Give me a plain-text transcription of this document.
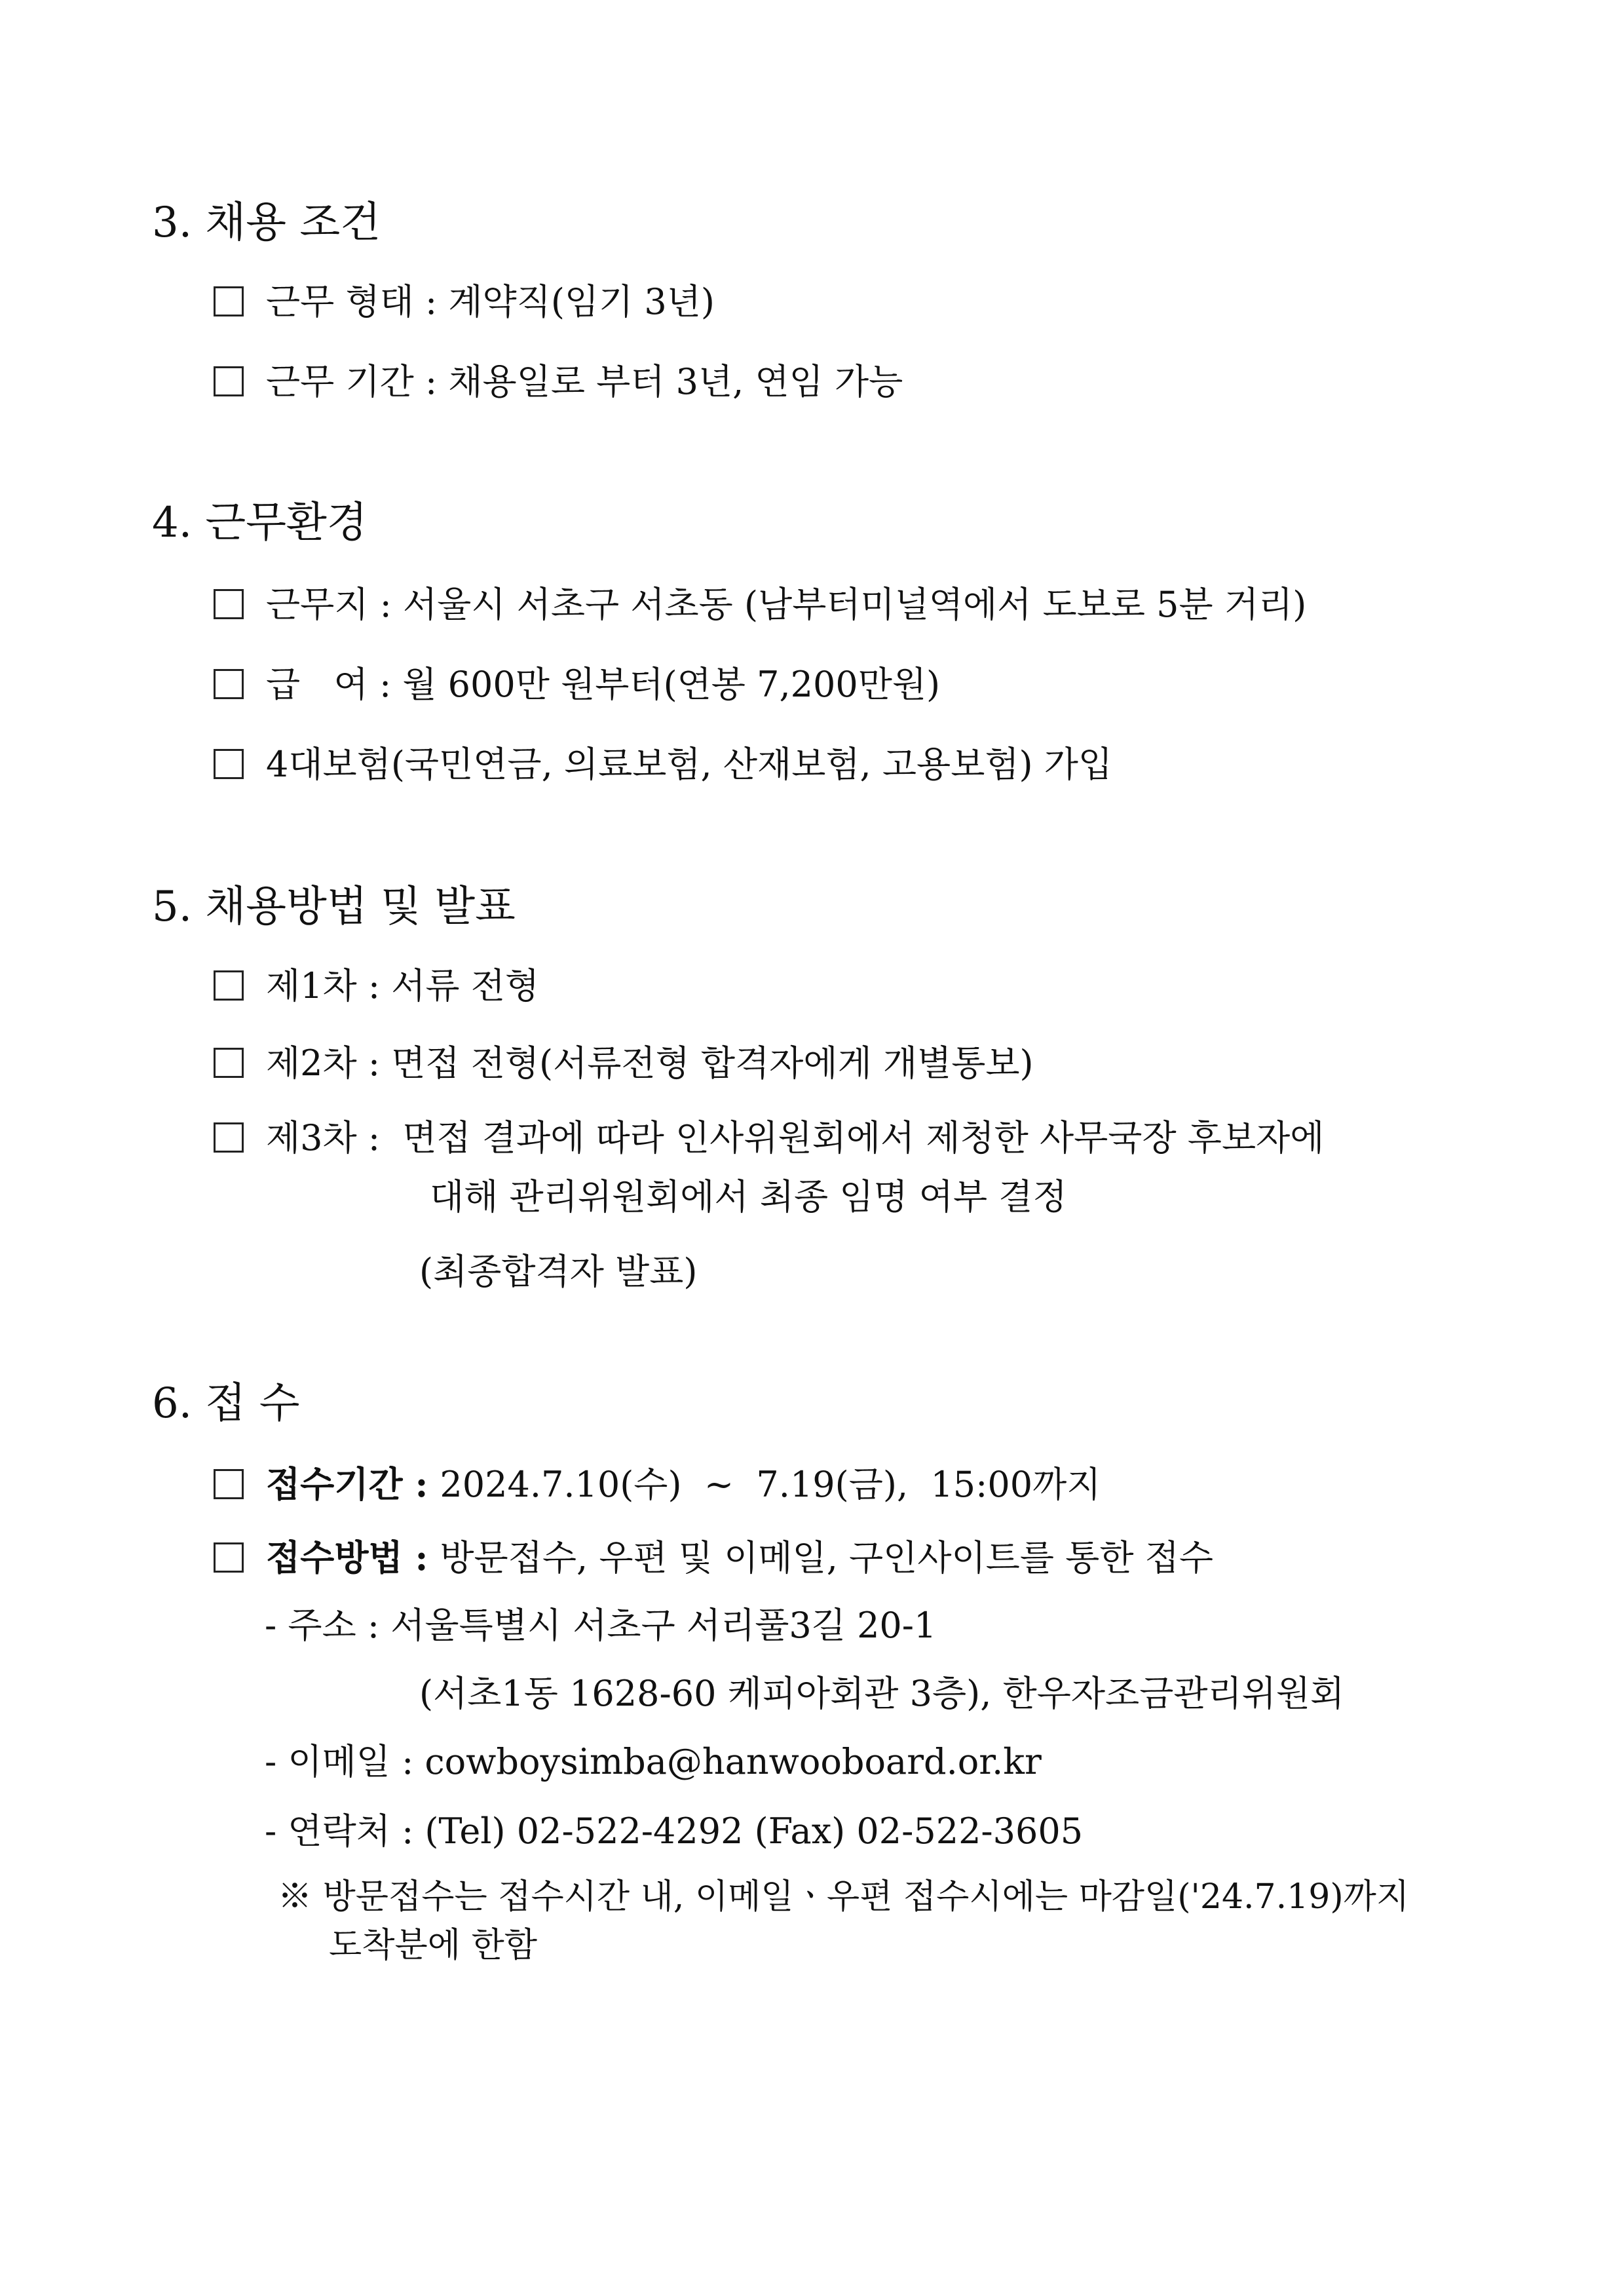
3. 채용 조건
근무 형태 : 계약직(임기 3년)
근무 기간 : 채용일로 부터 3년, 연임 가능
4. 근무환경
근무지 : 서울시 서초구 서초동 (남부터미널역에서 도보로 5분 거리)
급   여 : 월 600만 원부터(연봉 7,200만원)
4대보험(국민연금, 의료보험, 산재보험, 고용보험) 가입
5. 채용방법 및 발표
제1차 : 서류 전형
제2차 : 면접 전형(서류전형 합격자에게 개별통보)
제3차 :  면접 결과에 따라 인사위원회에서 제청한 사무국장 후보자에
대해 관리위원회에서 최종 임명 여부 결정
(최종합격자 발표)
6. 접 수
접수기간 : 2024.7.10(수)  ~  7.19(금),  15:00까지
접수방법 : 방문접수, 우편 및 이메일, 구인사이트를 통한 접수
- 주소 : 서울특별시 서초구 서리풀3길 20-1
(서초1동 1628-60 케피아회관 3층), 한우자조금관리위원회
- 이메일 : cowboysimba@hanwooboard.or.kr
- 연락처 : (Tel) 02-522-4292 (Fax) 02-522-3605
※ 방문접수는 접수시간 내, 이메일ㆍ우편 접수시에는 마감일('24.7.19)까지
도착분에 한함
